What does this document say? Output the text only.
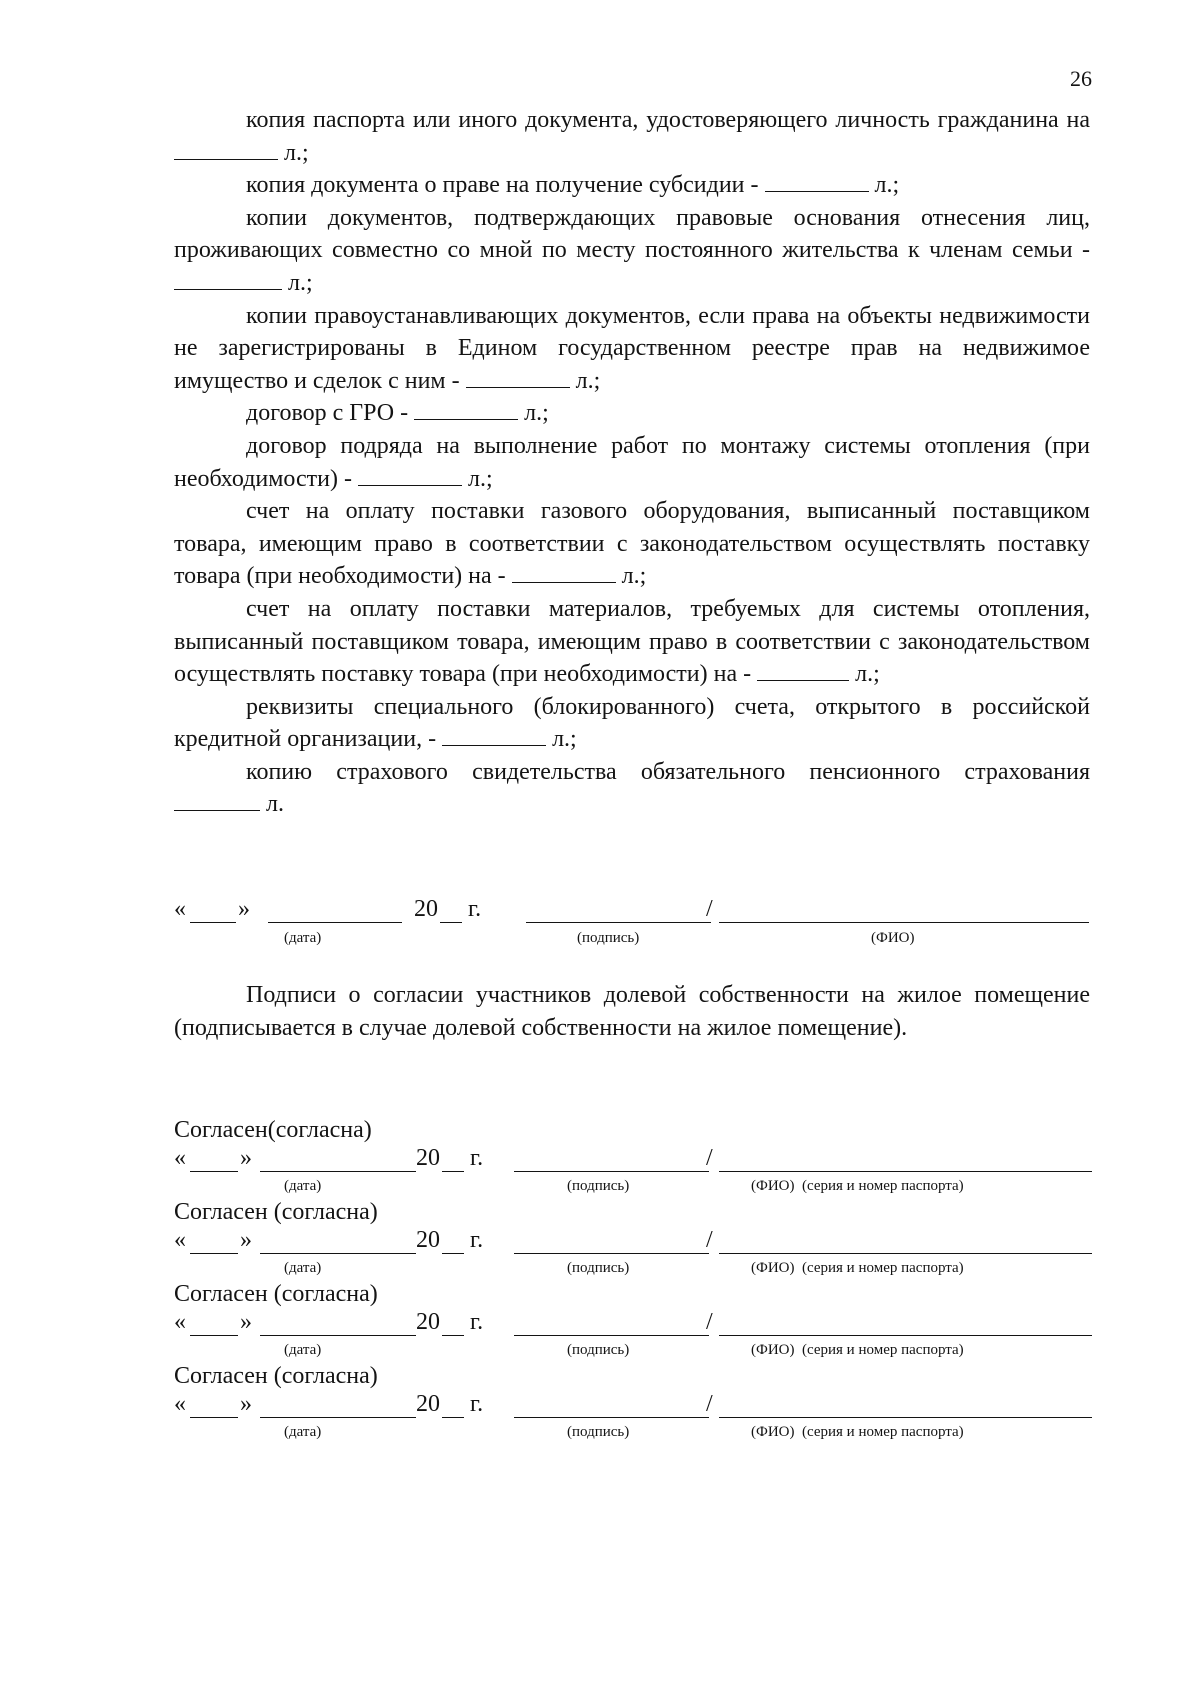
26

копия паспорта или иного документа, удостоверяющего личность гражданина на  л.;

копия документа о праве на получение субсидии -	л.;

копии документов, подтверждающих правовые основания отнесения лиц, проживающих совместно со мной по месту постоянного жительства к членам семьи -  л.;

копии правоустанавливающих документов, если права на объекты недвижимости не зарегистрированы в Едином государственном реестре прав на недвижимое имущество и сделок с ним -	л.;

договор с ГРО -	л.;

договор подряда на выполнение работ по монтажу системы отопления (при необходимости) -	л.;

счет на оплату поставки газового оборудования, выписанный поставщиком товара, имеющим право в соответствии с законодательством осуществлять поставку товара (при необходимости) на -	л.;

счет на оплату поставки материалов, требуемых для системы отопления, выписанный поставщиком товара, имеющим право в соответствии с законодательством осуществлять поставку товара (при необходимости) на -	л.;

реквизиты специального (блокированного) счета, открытого в российской кредитной организации, -	л.;

копию страхового свидетельства обязательного пенсионного страхования  л.

« »	20 г.	/
(дата)	(подпись)	(ФИО)

Подписи о согласии участников долевой собственности на жилое помещение (подписывается в случае долевой собственности на жилое помещение).

Согласен(согласна)
« »	20 г.	/
(дата)	(подпись)	(ФИО)  (серия и номер паспорта)
Согласен (согласна)
« »	20 г.	/
(дата)	(подпись)	(ФИО)  (серия и номер паспорта)
Согласен (согласна)
« »	20 г.	/
(дата)	(подпись)	(ФИО)  (серия и номер паспорта)
Согласен (согласна)
« »	20 г.	/
(дата)	(подпись)	(ФИО)  (серия и номер паспорта)
